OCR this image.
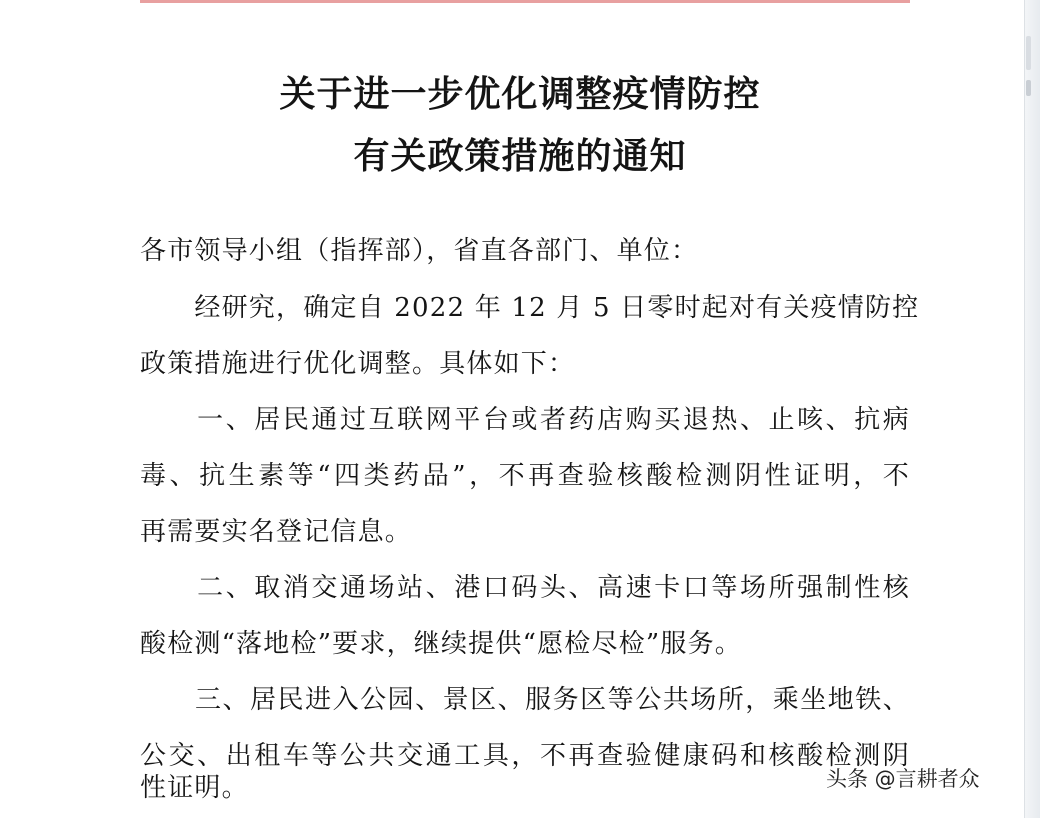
关于进一步优化调整疫情防控
有关政策措施的通知
各市领导小组（指挥部），省直各部门、单位：
　　经研究，确定自 2022 年 12 月 5 日零时起对有关疫情防控
政策措施进行优化调整。具体如下：
　　一、居民通过互联网平台或者药店购买退热、止咳、抗病
毒、抗生素等“四类药品”，不再查验核酸检测阴性证明，不
再需要实名登记信息。
　　二、取消交通场站、港口码头、高速卡口等场所强制性核
酸检测“落地检”要求，继续提供“愿检尽检”服务。
　　三、居民进入公园、景区、服务区等公共场所，乘坐地铁、
公交、出租车等公共交通工具，不再查验健康码和核酸检测阴
性证明。	头条 @言耕者众
